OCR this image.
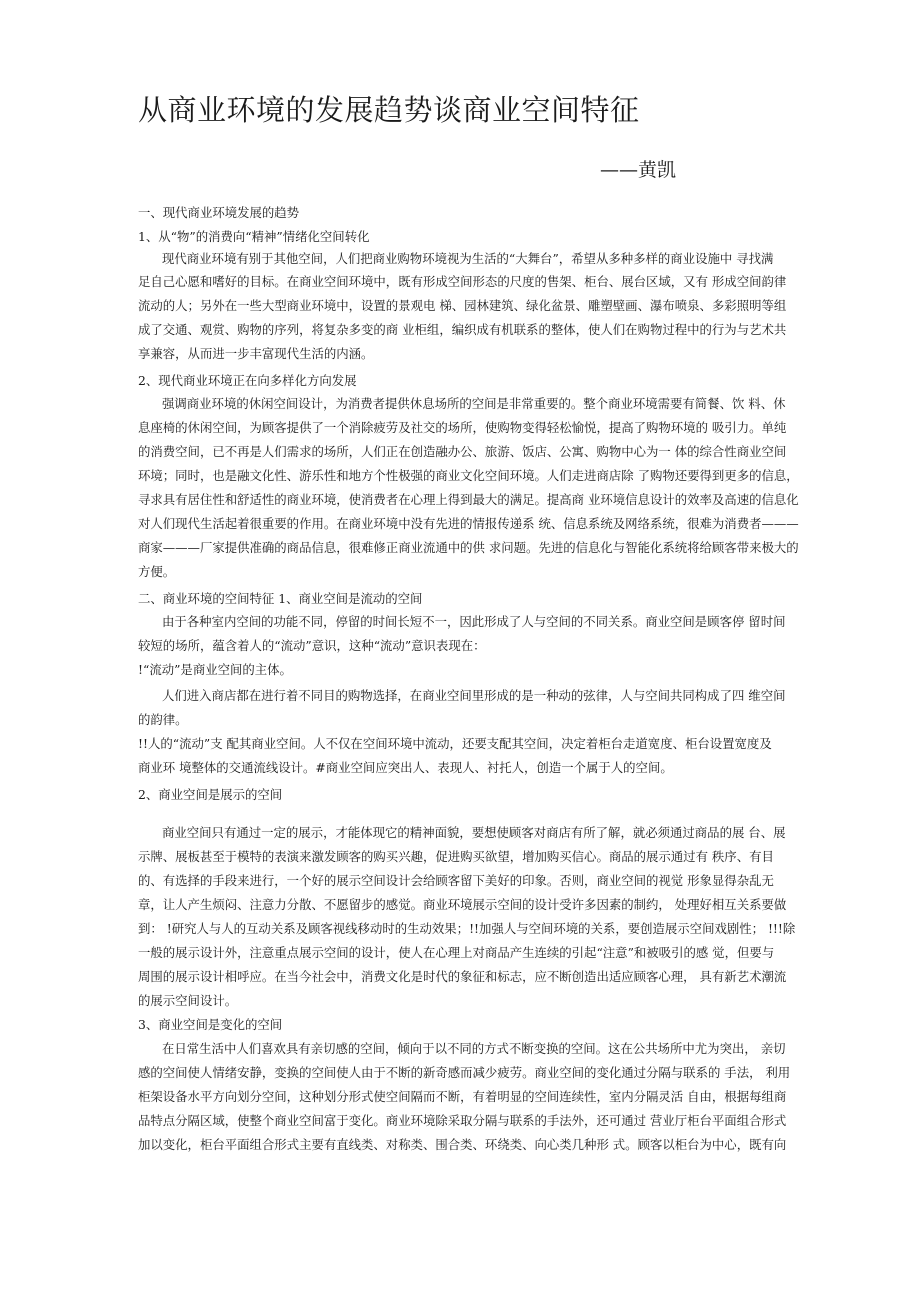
从商业环境的发展趋势谈商业空间特征
——黄凯
一、现代商业环境发展的趋势
1、从“物”的消费向“精神”情绪化空间转化
现代商业环境有别于其他空间，人们把商业购物环境视为生活的“大舞台”，希望从多种多样的商业设施中 寻找满
足自己心愿和嗜好的目标。在商业空间环境中，既有形成空间形态的尺度的售架、柜台、展台区域，又有 形成空间韵律
流动的人；另外在一些大型商业环境中，设置的景观电 梯、园林建筑、绿化盆景、雕塑壁画、瀑布喷泉、多彩照明等组
成了交通、观赏、购物的序列，将复杂多变的商 业柜组，编织成有机联系的整体，使人们在购物过程中的行为与艺术共
享兼容，从而进一步丰富现代生活的内涵。
2、现代商业环境正在向多样化方向发展
强调商业环境的休闲空间设计，为消费者提供休息场所的空间是非常重要的。整个商业环境需要有简餐、饮 料、休
息座椅的休闲空间，为顾客提供了一个消除疲劳及社交的场所，使购物变得轻松愉悦，提高了购物环境的 吸引力。单纯
的消费空间，已不再是人们需求的场所，人们正在创造融办公、旅游、饭店、公寓、购物中心为一 体的综合性商业空间
环境；同时，也是融文化性、游乐性和地方个性极强的商业文化空间环境。人们走进商店除 了购物还要得到更多的信息，
寻求具有居住性和舒适性的商业环境，使消费者在心理上得到最大的满足。提高商 业环境信息设计的效率及高速的信息化
对人们现代生活起着很重要的作用。在商业环境中没有先进的情报传递系 统、信息系统及网络系统，很难为消费者———
商家———厂家提供准确的商品信息，很难修正商业流通中的供 求问题。先进的信息化与智能化系统将给顾客带来极大的
方便。
二、商业环境的空间特征 1、商业空间是流动的空间
由于各种室内空间的功能不同，停留的时间长短不一，因此形成了人与空间的不同关系。商业空间是顾客停 留时间
较短的场所，蕴含着人的“流动”意识，这种“流动”意识表现在：
!“流动”是商业空间的主体。
人们进入商店都在进行着不同目的购物选择，在商业空间里形成的是一种动的弦律，人与空间共同构成了四 维空间
的韵律。
!!人的“流动”支 配其商业空间。人不仅在空间环境中流动，还要支配其空间，决定着柜台走道宽度、柜台设置宽度及
商业环 境整体的交通流线设计。#商业空间应突出人、表现人、衬托人，创造一个属于人的空间。
2、商业空间是展示的空间
商业空间只有通过一定的展示，才能体现它的精神面貌，要想使顾客对商店有所了解，就必须通过商品的展 台、展
示牌、展板甚至于模特的表演来激发顾客的购买兴趣，促进购买欲望，增加购买信心。商品的展示通过有 秩序、有目
的、有选择的手段来进行，一个好的展示空间设计会给顾客留下美好的印象。否则，商业空间的视觉 形象显得杂乱无
章，让人产生烦闷、注意力分散、不愿留步的感觉。商业环境展示空间的设计受许多因素的制约， 处理好相互关系要做
到： !研究人与人的互动关系及顾客视线移动时的生动效果；!!加强人与空间环境的关系，要创造展示空间戏剧性； !!!除
一般的展示设计外，注意重点展示空间的设计，使人在心理上对商品产生连续的引起“注意”和被吸引的感 觉，但要与
周围的展示设计相呼应。在当今社会中，消费文化是时代的象征和标志，应不断创造出适应顾客心理， 具有新艺术潮流
的展示空间设计。
3、商业空间是变化的空间
在日常生活中人们喜欢具有亲切感的空间，倾向于以不同的方式不断变换的空间。这在公共场所中尤为突出， 亲切
感的空间使人情绪安静，变换的空间使人由于不断的新奇感而减少疲劳。商业空间的变化通过分隔与联系的 手法， 利用
柜架设备水平方向划分空间，这种划分形式使空间隔而不断，有着明显的空间连续性，室内分隔灵活 自由，根据每组商
品特点分隔区域，使整个商业空间富于变化。商业环境除采取分隔与联系的手法外，还可通过 营业厅柜台平面组合形式
加以变化，柜台平面组合形式主要有直线类、对称类、围合类、环绕类、向心类几种形 式。顾客以柜台为中心，既有向
